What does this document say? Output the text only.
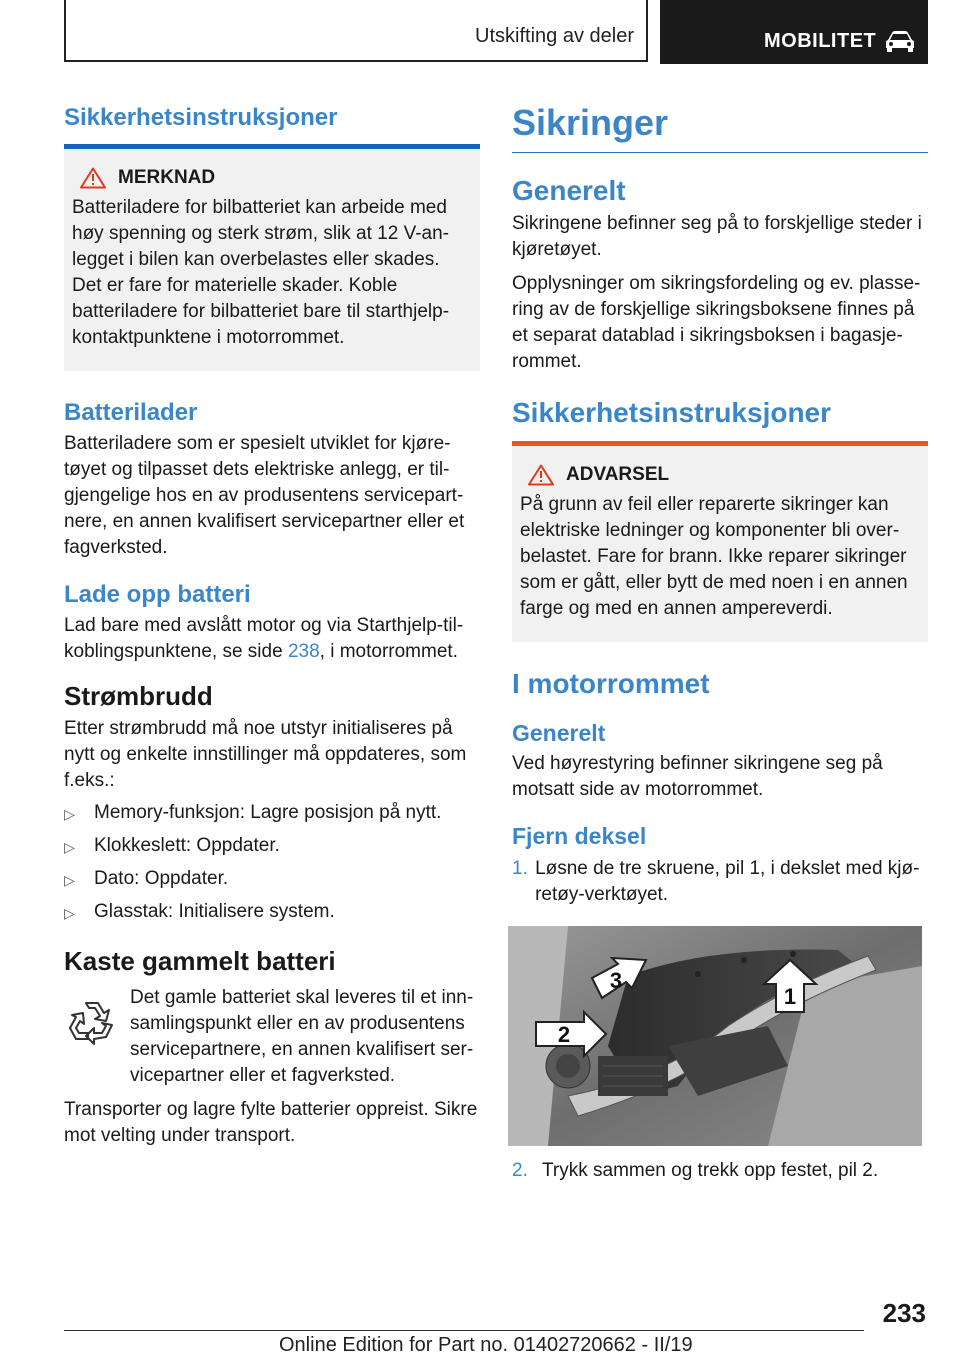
Utskifting av deler	MOBILITET
Sikkerhetsinstruksjoner
MERKNAD

Batteriladere for bilbatteriet kan arbeide med høy spenning og sterk strøm, slik at 12 V-anlegget i bilen kan overbelastes eller skades. Det er fare for materielle skader. Koble batteriladere for bilbatteriet bare til starthjelp-kontaktpunktene i motorrommet.

Batterilader

Batteriladere som er spesielt utviklet for kjøretøyet og tilpasset dets elektriske anlegg, er tilgjengelige hos en av produsentens servicepartnere, en annen kvalifisert servicepartner eller et fagverksted.

Lade opp batteri

Lad bare med avslått motor og via Starthjelp-tilkoblingspunktene, se side 238, i motorrommet.

Strømbrudd

Etter strømbrudd må noe utstyr initialiseres på nytt og enkelte innstillinger må oppdateres, som f.eks.:

▷	Memory-funksjon: Lagre posisjon på nytt.
▷	Klokkeslett: Oppdater.
▷	Dato: Oppdater.
▷	Glasstak: Initialisere system.
Kaste gammelt batteri

Det gamle batteriet skal leveres til et innsamlingspunkt eller en av produsentens servicepartnere, en annen kvalifisert servicepartner eller et fagverksted.

Transporter og lagre fylte batterier oppreist. Sikre mot velting under transport.

Sikringer
Generelt

Sikringene befinner seg på to forskjellige steder i kjøretøyet.

Opplysninger om sikringsfordeling og ev. plassering av de forskjellige sikringsboksene finnes på et separat datablad i sikringsboksen i bagasjerommet.

Sikkerhetsinstruksjoner
ADVARSEL

På grunn av feil eller reparerte sikringer kan elektriske ledninger og komponenter bli overbelastet. Fare for brann. Ikke reparer sikringer som er gått, eller bytt de med noen i en annen farge og med en annen ampereverdi.

I motorrommet
Generelt

Ved høyrestyring befinner sikringene seg på motsatt side av motorrommet.

Fjern deksel
1. Løsne de tre skruene, pil 1, i dekslet med kjøretøy-verktøyet.
1
2
3
2. Trykk sammen og trekk opp festet, pil 2.
233
Online Edition for Part no. 01402720662 - II/19
